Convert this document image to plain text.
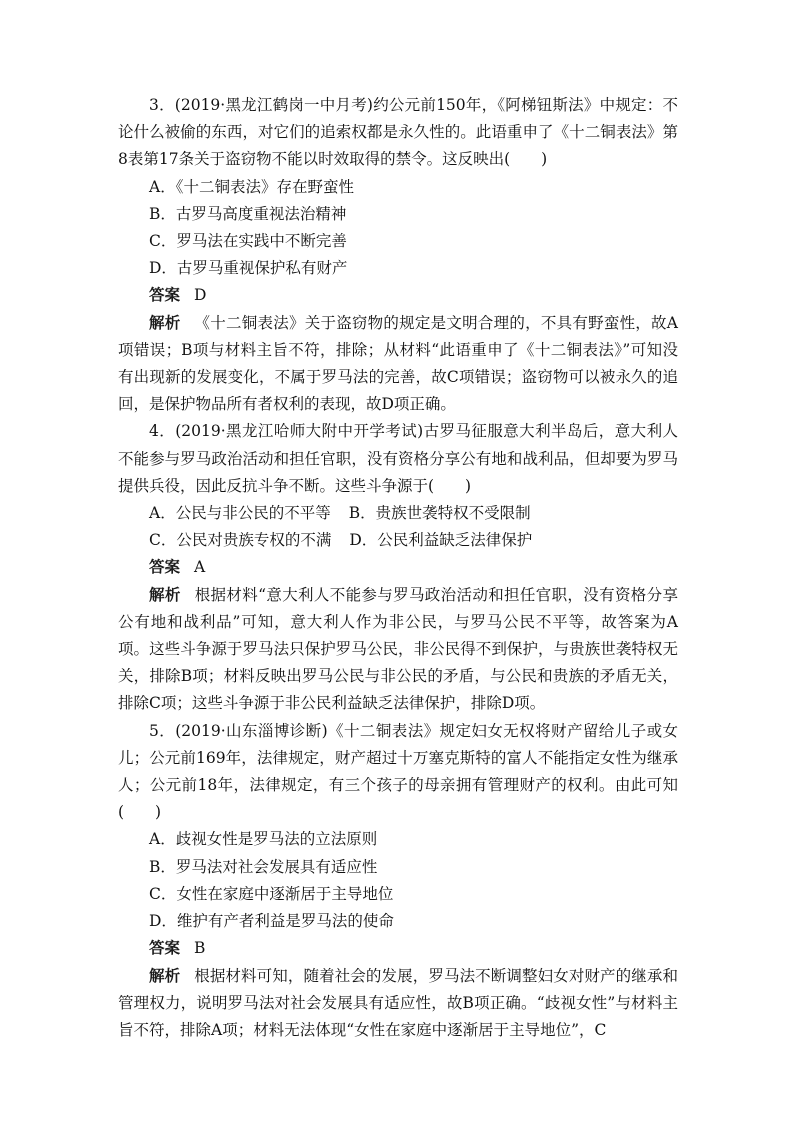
3．(2019·黑龙江鹤岗一中月考)约公元前150年，《阿梯钮斯法》中规定：不论什么被偷的东西，对它们的追索权都是永久性的。此语重申了《十二铜表法》第8表第17条关于盗窃物不能以时效取得的禁令。这反映出(　　)

A．《十二铜表法》存在野蛮性

B．古罗马高度重视法治精神

C．罗马法在实践中不断完善

D．古罗马重视保护私有财产

答案 D

解析 《十二铜表法》关于盗窃物的规定是文明合理的，不具有野蛮性，故A项错误；B项与材料主旨不符，排除；从材料“此语重申了《十二铜表法》”可知没有出现新的发展变化，不属于罗马法的完善，故C项错误；盗窃物可以被永久的追回，是保护物品所有者权利的表现，故D项正确。

4．(2019·黑龙江哈师大附中开学考试)古罗马征服意大利半岛后，意大利人不能参与罗马政治活动和担任官职，没有资格分享公有地和战利品，但却要为罗马提供兵役，因此反抗斗争不断。这些斗争源于(　　)

A．公民与非公民的不平等 B．贵族世袭特权不受限制

C．公民对贵族专权的不满 D．公民利益缺乏法律保护

答案 A

解析 根据材料“意大利人不能参与罗马政治活动和担任官职，没有资格分享公有地和战利品”可知，意大利人作为非公民，与罗马公民不平等，故答案为A项。这些斗争源于罗马法只保护罗马公民，非公民得不到保护，与贵族世袭特权无关，排除B项；材料反映出罗马公民与非公民的矛盾，与公民和贵族的矛盾无关，排除C项；这些斗争源于非公民利益缺乏法律保护，排除D项。

5．(2019·山东淄博诊断)《十二铜表法》规定妇女无权将财产留给儿子或女儿；公元前169年，法律规定，财产超过十万塞克斯特的富人不能指定女性为继承人；公元前18年，法律规定，有三个孩子的母亲拥有管理财产的权利。由此可知(　　)

A．歧视女性是罗马法的立法原则

B．罗马法对社会发展具有适应性

C．女性在家庭中逐渐居于主导地位

D．维护有产者利益是罗马法的使命

答案 B

解析 根据材料可知，随着社会的发展，罗马法不断调整妇女对财产的继承和管理权力，说明罗马法对社会发展具有适应性，故B项正确。“歧视女性”与材料主旨不符，排除A项；材料无法体现“女性在家庭中逐渐居于主导地位”，C
